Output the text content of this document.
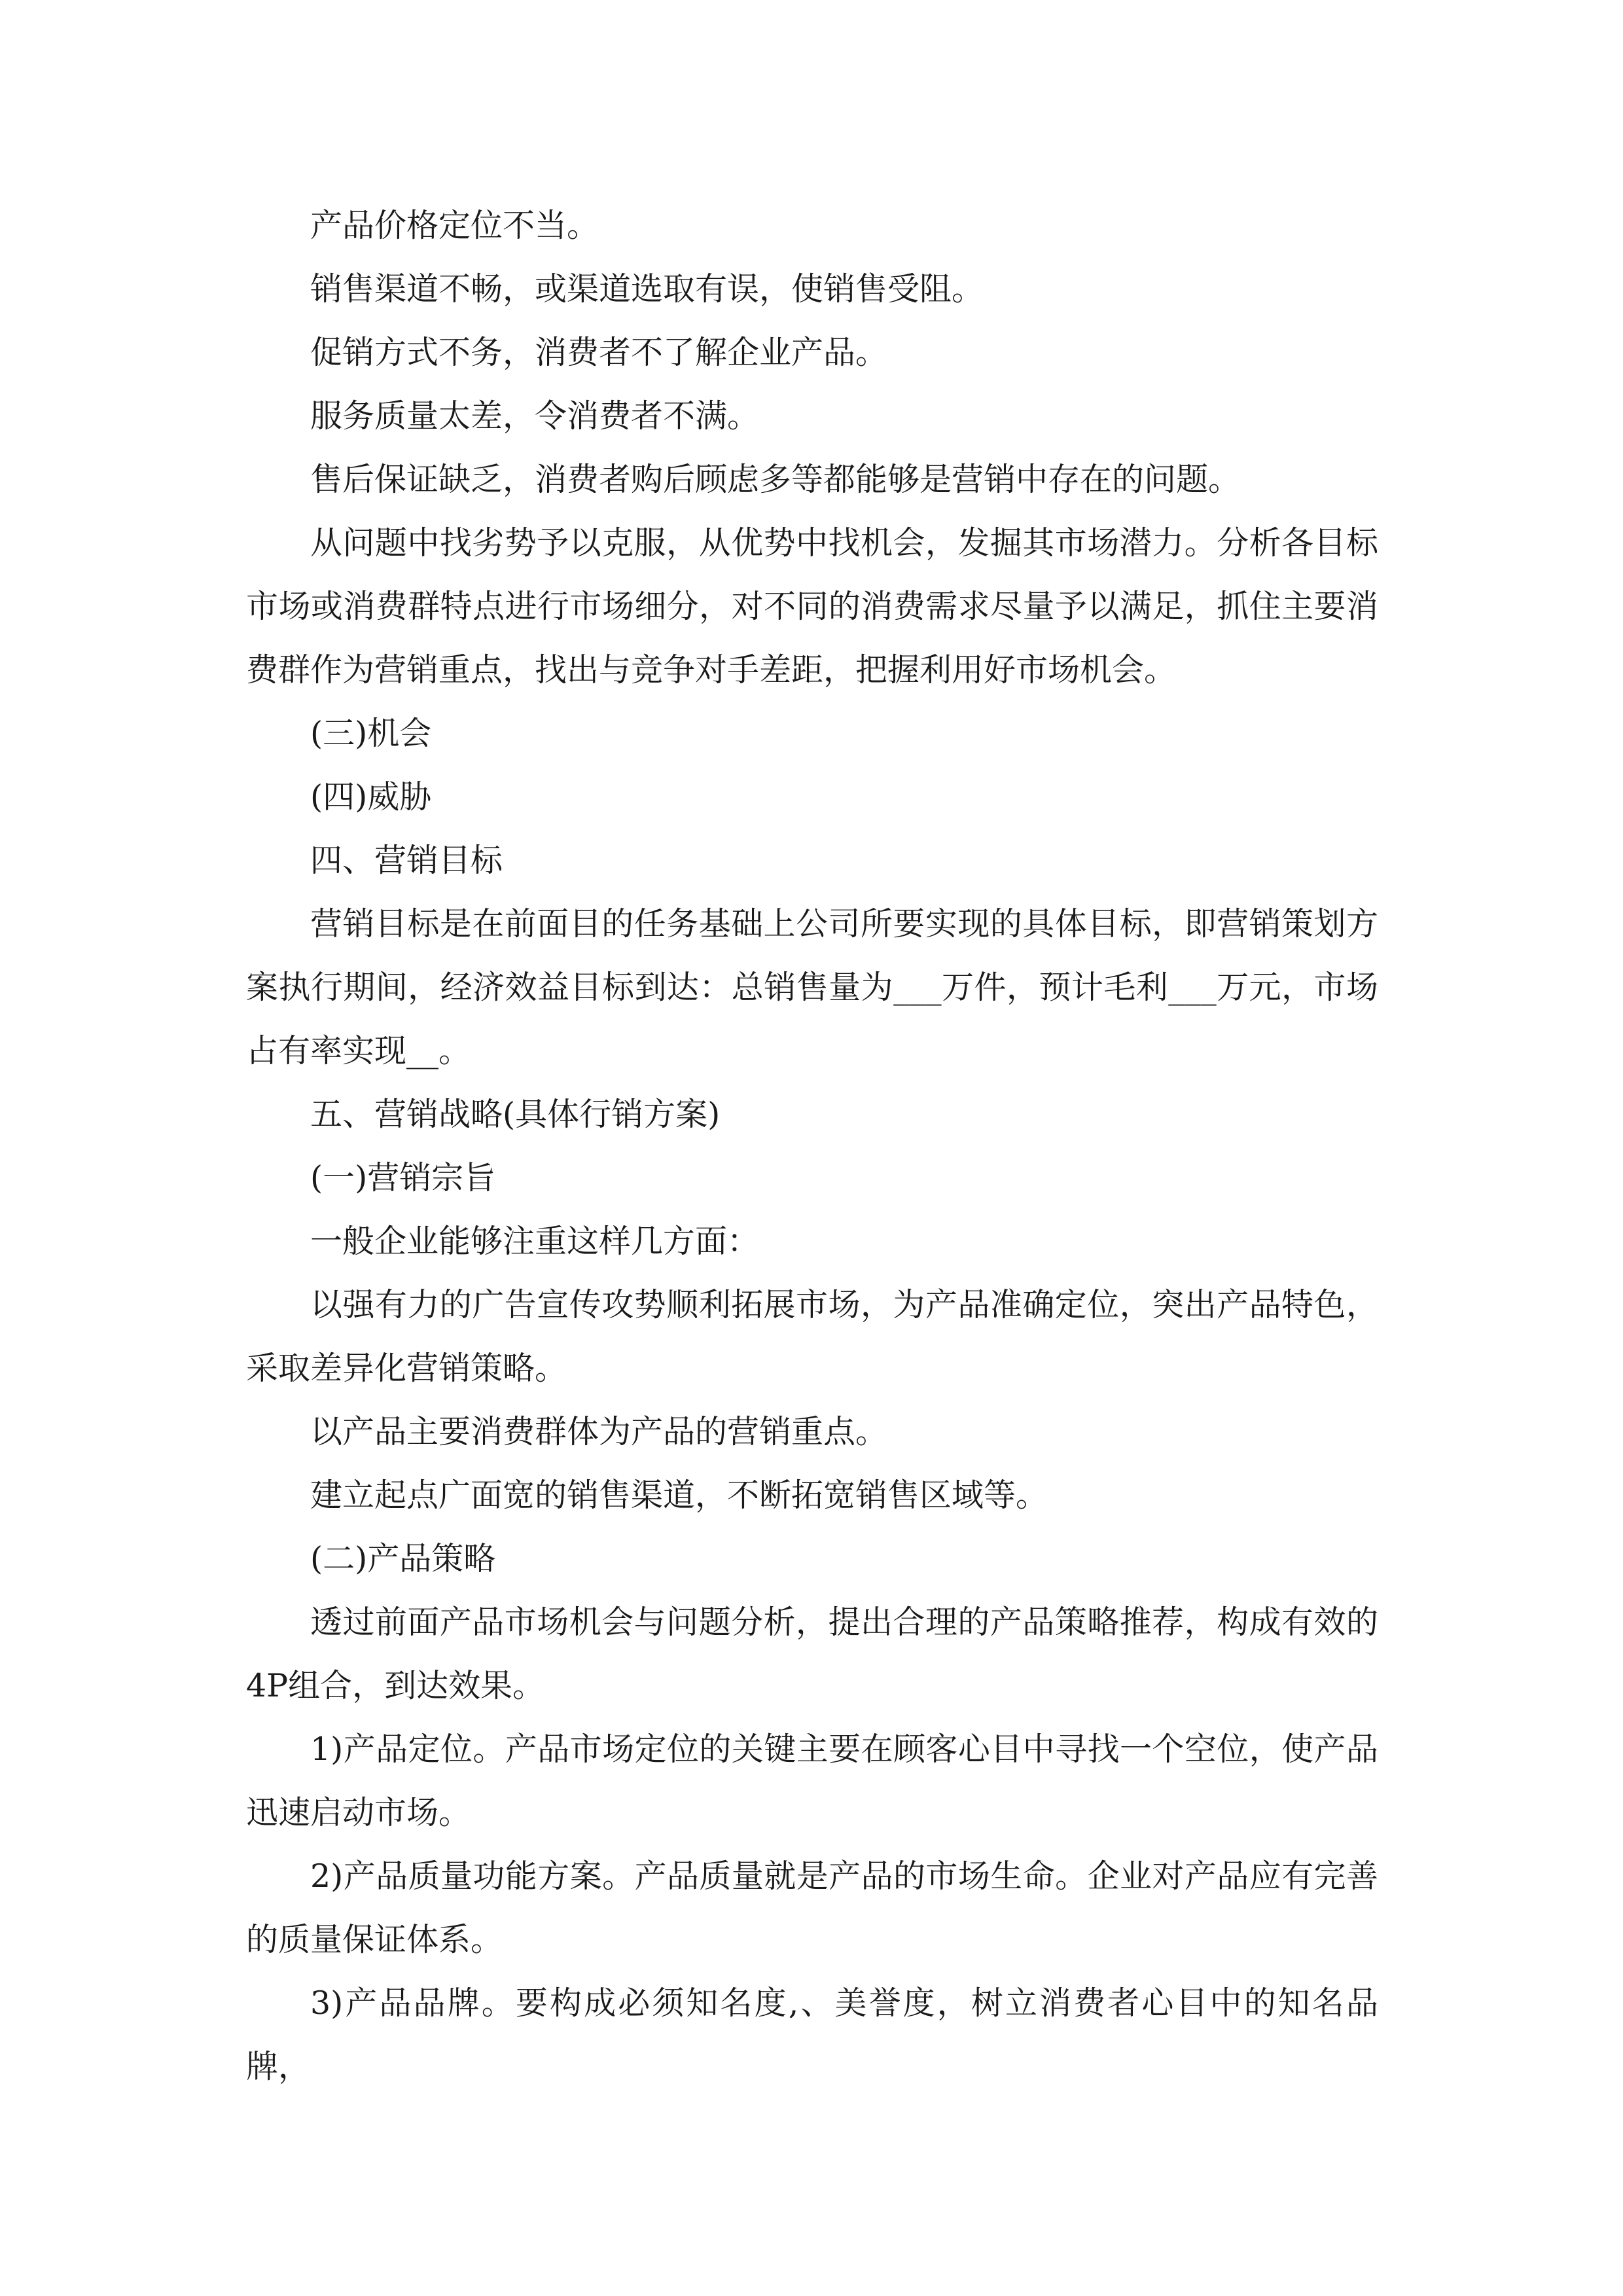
产品价格定位不当。

销售渠道不畅，或渠道选取有误，使销售受阻。

促销方式不务，消费者不了解企业产品。

服务质量太差，令消费者不满。

售后保证缺乏，消费者购后顾虑多等都能够是营销中存在的问题。

从问题中找劣势予以克服，从优势中找机会，发掘其市场潜力。分析各目标市场或消费群特点进行市场细分，对不同的消费需求尽量予以满足，抓住主要消费群作为营销重点，找出与竞争对手差距，把握利用好市场机会。

(三)机会

(四)威胁

四、营销目标

营销目标是在前面目的任务基础上公司所要实现的具体目标，即营销策划方案执行期间，经济效益目标到达：总销售量为___万件，预计毛利___万元，市场占有率实现__。

五、营销战略(具体行销方案)

(一)营销宗旨

一般企业能够注重这样几方面：

以强有力的广告宣传攻势顺利拓展市场，为产品准确定位，突出产品特色，采取差异化营销策略。

以产品主要消费群体为产品的营销重点。

建立起点广面宽的销售渠道，不断拓宽销售区域等。

(二)产品策略

透过前面产品市场机会与问题分析，提出合理的产品策略推荐，构成有效的4P组合，到达效果。

1)产品定位。产品市场定位的关键主要在顾客心目中寻找一个空位，使产品迅速启动市场。

2)产品质量功能方案。产品质量就是产品的市场生命。企业对产品应有完善的质量保证体系。

3)产品品牌。要构成必须知名度,、美誉度，树立消费者心目中的知名品牌，
